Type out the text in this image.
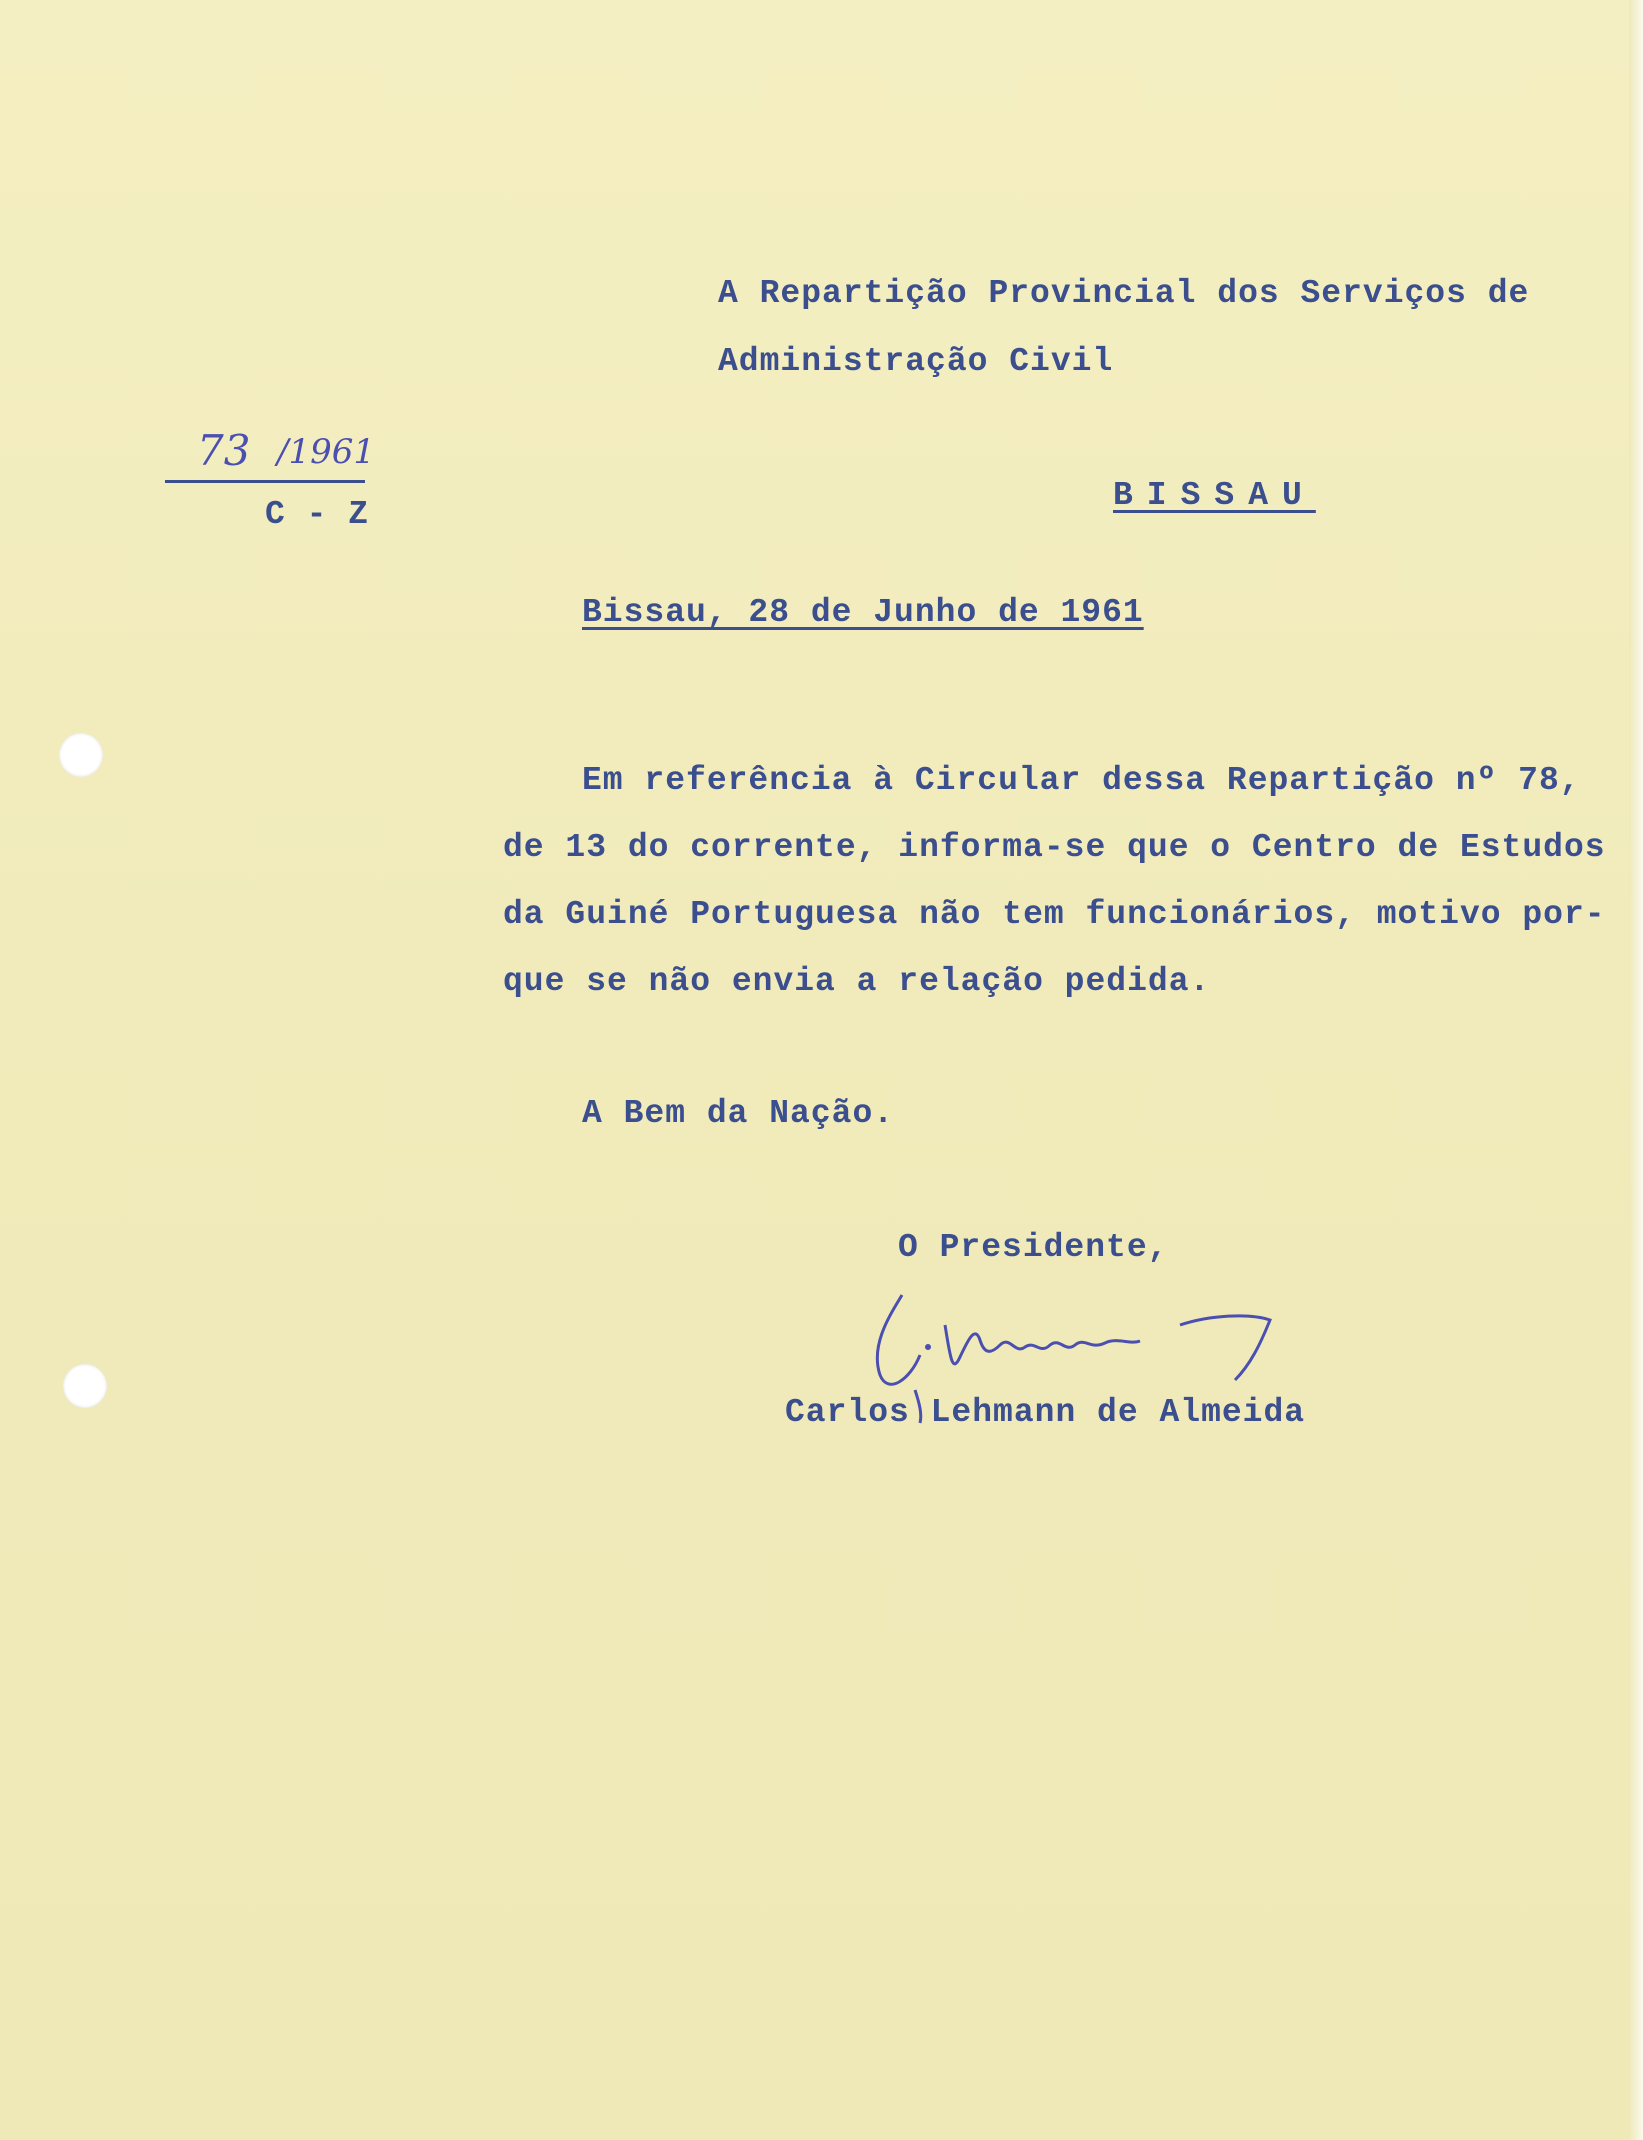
A Repartição Provincial dos Serviços de
Administração Civil
73 /1961
C - Z
BISSAU
Bissau, 28 de Junho de 1961
Em referência à Circular dessa Repartição nº 78,
de 13 do corrente, informa-se que o Centro de Estudos
da Guiné Portuguesa não tem funcionários, motivo por-
que se não envia a relação pedida.
A Bem da Nação.
O Presidente,
Carlos Lehmann de Almeida
